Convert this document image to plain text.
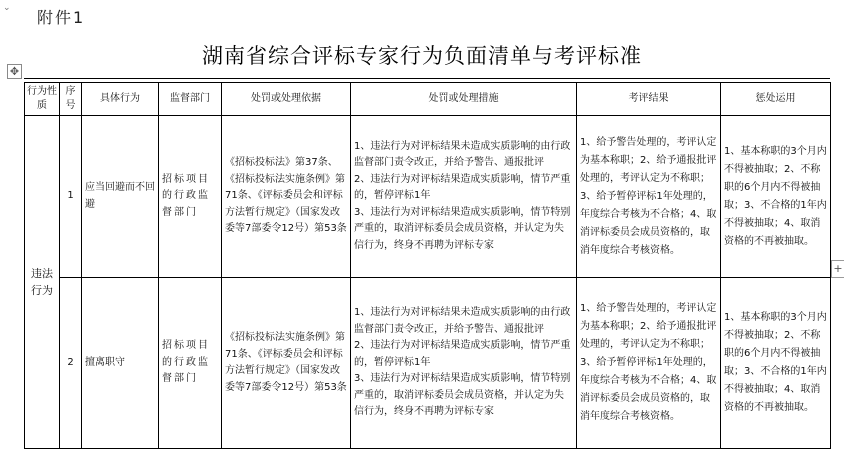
⌄ 附件1
湖南省综合评标专家行为负面清单与考评标准
✥
+
行为性质	序号	具体行为	监督部门	处罚或处理依据	处罚或处理措施	考评结果	惩处运用
违法行为	1	应当回避而不回避	招标项目的行政监督部门	《招标投标法》第37条、《招标投标法实施条例》第71条、《评标委员会和评标方法暂行规定》（国家发改委等7部委令12号）第53条	1、违法行为对评标结果未造成实质影响的由行政监督部门责令改正，并给予警告、通报批评
2、违法行为对评标结果造成实质影响，情节严重的，暂停评标1年
3、违法行为对评标结果造成实质影响，情节特别严重的，取消评标委员会成员资格，并认定为失信行为，终身不再聘为评标专家	1、给予警告处理的，考评认定为基本称职；2、给予通报批评处理的，考评认定为不称职；3、给予暂停评标1年处理的，年度综合考核为不合格；4、取消评标委员会成员资格的，取消年度综合考核资格。	1、基本称职的3个月内不得被抽取；2、不称职的6个月内不得被抽取；3、不合格的1年内不得被抽取；4、取消资格的不再被抽取。
	2	擅离职守	招标项目的行政监督部门	《招标投标法实施条例》第71条、《评标委员会和评标方法暂行规定》（国家发改委等7部委令12号）第53条	1、违法行为对评标结果未造成实质影响的由行政监督部门责令改正，并给予警告、通报批评
2、违法行为对评标结果造成实质影响，情节严重的，暂停评标1年
3、违法行为对评标结果造成实质影响，情节特别严重的，取消评标委员会成员资格，并认定为失信行为，终身不再聘为评标专家	1、给予警告处理的，考评认定为基本称职；2、给予通报批评处理的，考评认定为不称职；3、给予暂停评标1年处理的，年度综合考核为不合格；4、取消评标委员会成员资格的，取消年度综合考核资格。	1、基本称职的3个月内不得被抽取；2、不称职的6个月内不得被抽取；3、不合格的1年内不得被抽取；4、取消资格的不再被抽取。
